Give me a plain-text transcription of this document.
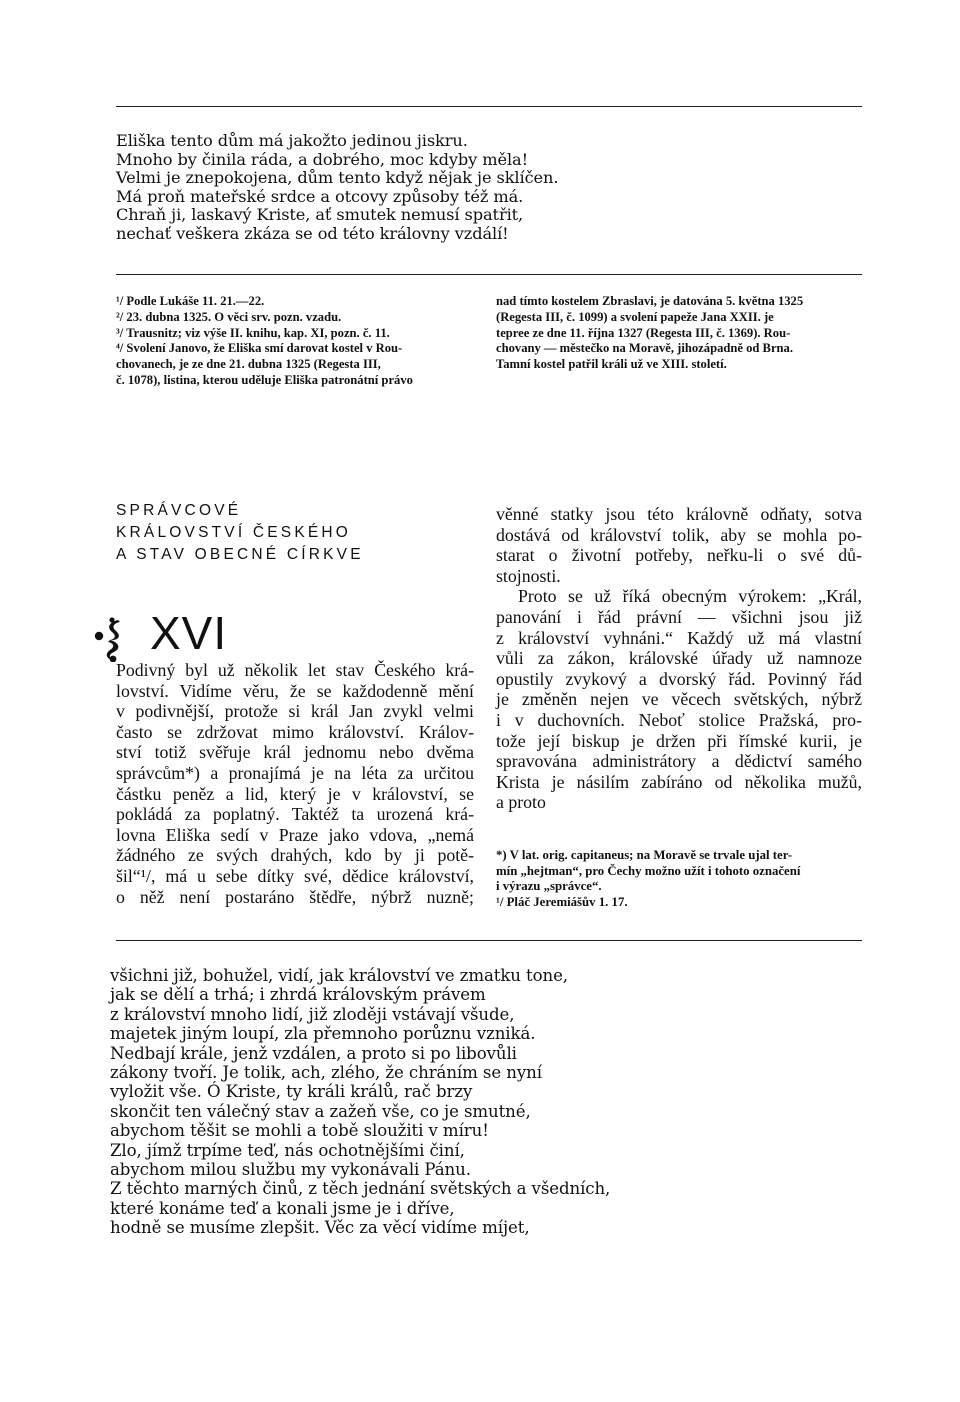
Eliška tento dům má jakožto jedinou jiskru.
Mnoho by činila ráda, a dobrého, moc kdyby měla!
Velmi je znepokojena, dům tento když nějak je sklíčen.
Má proň mateřské srdce a otcovy způsoby též má.
Chraň ji, laskavý Kriste, ať smutek nemusí spatřit,
nechať veškera zkáza se od této královny vzdálí!
¹/ Podle Lukáše 11. 21.—22.
²/ 23. dubna 1325. O věci srv. pozn. vzadu.
³/ Trausnitz; viz výše II. knihu, kap. XI, pozn. č. 11.
⁴/ Svolení Janovo, že Eliška smí darovat kostel v Rou-
chovanech, je ze dne 21. dubna 1325 (Regesta III,
č. 1078), listina, kterou uděluje Eliška patronátní právo
nad tímto kostelem Zbraslavi, je datována 5. května 1325
(Regesta III, č. 1099) a svolení papeže Jana XXII. je
tepree ze dne 11. října 1327 (Regesta III, č. 1369). Rou-
chovany — městečko na Moravě, jihozápadně od Brna.
Tamní kostel patřil králi už ve XIII. století.
SPRÁVCOVÉ
KRÁLOVSTVÍ ČESKÉHO
A STAV OBECNÉ CÍRKVE
XVI
Podivný byl už několik let stav Českého krá-
lovství. Vidíme věru, že se každodenně mění
v podivnější, protože si král Jan zvykl velmi
často se zdržovat mimo království. Králov-
ství totiž svěřuje král jednomu nebo dvěma
správcům*) a pronajímá je na léta za určitou
částku peněz a lid, který je v království, se
pokládá za poplatný. Taktéž ta urozená krá-
lovna Eliška sedí v Praze jako vdova, „nemá
žádného ze svých drahých, kdo by ji potě-
šil“¹/, má u sebe dítky své, dědice království,
o něž není postaráno štědře, nýbrž nuzně;
věnné statky jsou této královně odňaty, sotva
dostává od království tolik, aby se mohla po-
starat o životní potřeby, neřku-li o své dů-
stojnosti.
Proto se už říká obecným výrokem: „Král,
panování i řád právní — všichni jsou již
z království vyhnáni.“ Každý už má vlastní
vůli za zákon, královské úřady už namnoze
opustily zvykový a dvorský řád. Povinný řád
je změněn nejen ve věcech světských, nýbrž
i v duchovních. Neboť stolice Pražská, pro-
tože její biskup je držen při římské kurii, je
spravována administrátory a dědictví samého
Krista je násilím zabíráno od několika mužů,
a proto
*) V lat. orig. capitaneus; na Moravě se trvale ujal ter-
mín „hejtman“, pro Čechy možno užít i tohoto označení
i výrazu „správce“.
¹/ Pláč Jeremiášův 1. 17.
všichni již, bohužel, vidí, jak království ve zmatku tone,
jak se dělí a trhá; i zhrdá královským právem
z království mnoho lidí, již zloději vstávají všude,
majetek jiným loupí, zla přemnoho porůznu vzniká.
Nedbají krále, jenž vzdálen, a proto si po libovůli
zákony tvoří. Je tolik, ach, zlého, že chráním se nyní
vyložit vše. Ó Kriste, ty králi králů, rač brzy
skončit ten válečný stav a zažeň vše, co je smutné,
abychom těšit se mohli a tobě sloužiti v míru!
Zlo, jímž trpíme teď, nás ochotnějšími činí,
abychom milou službu my vykonávali Pánu.
Z těchto marných činů, z těch jednání světských a všedních,
které konáme teď a konali jsme je i dříve,
hodně se musíme zlepšit. Věc za věcí vidíme míjet,
